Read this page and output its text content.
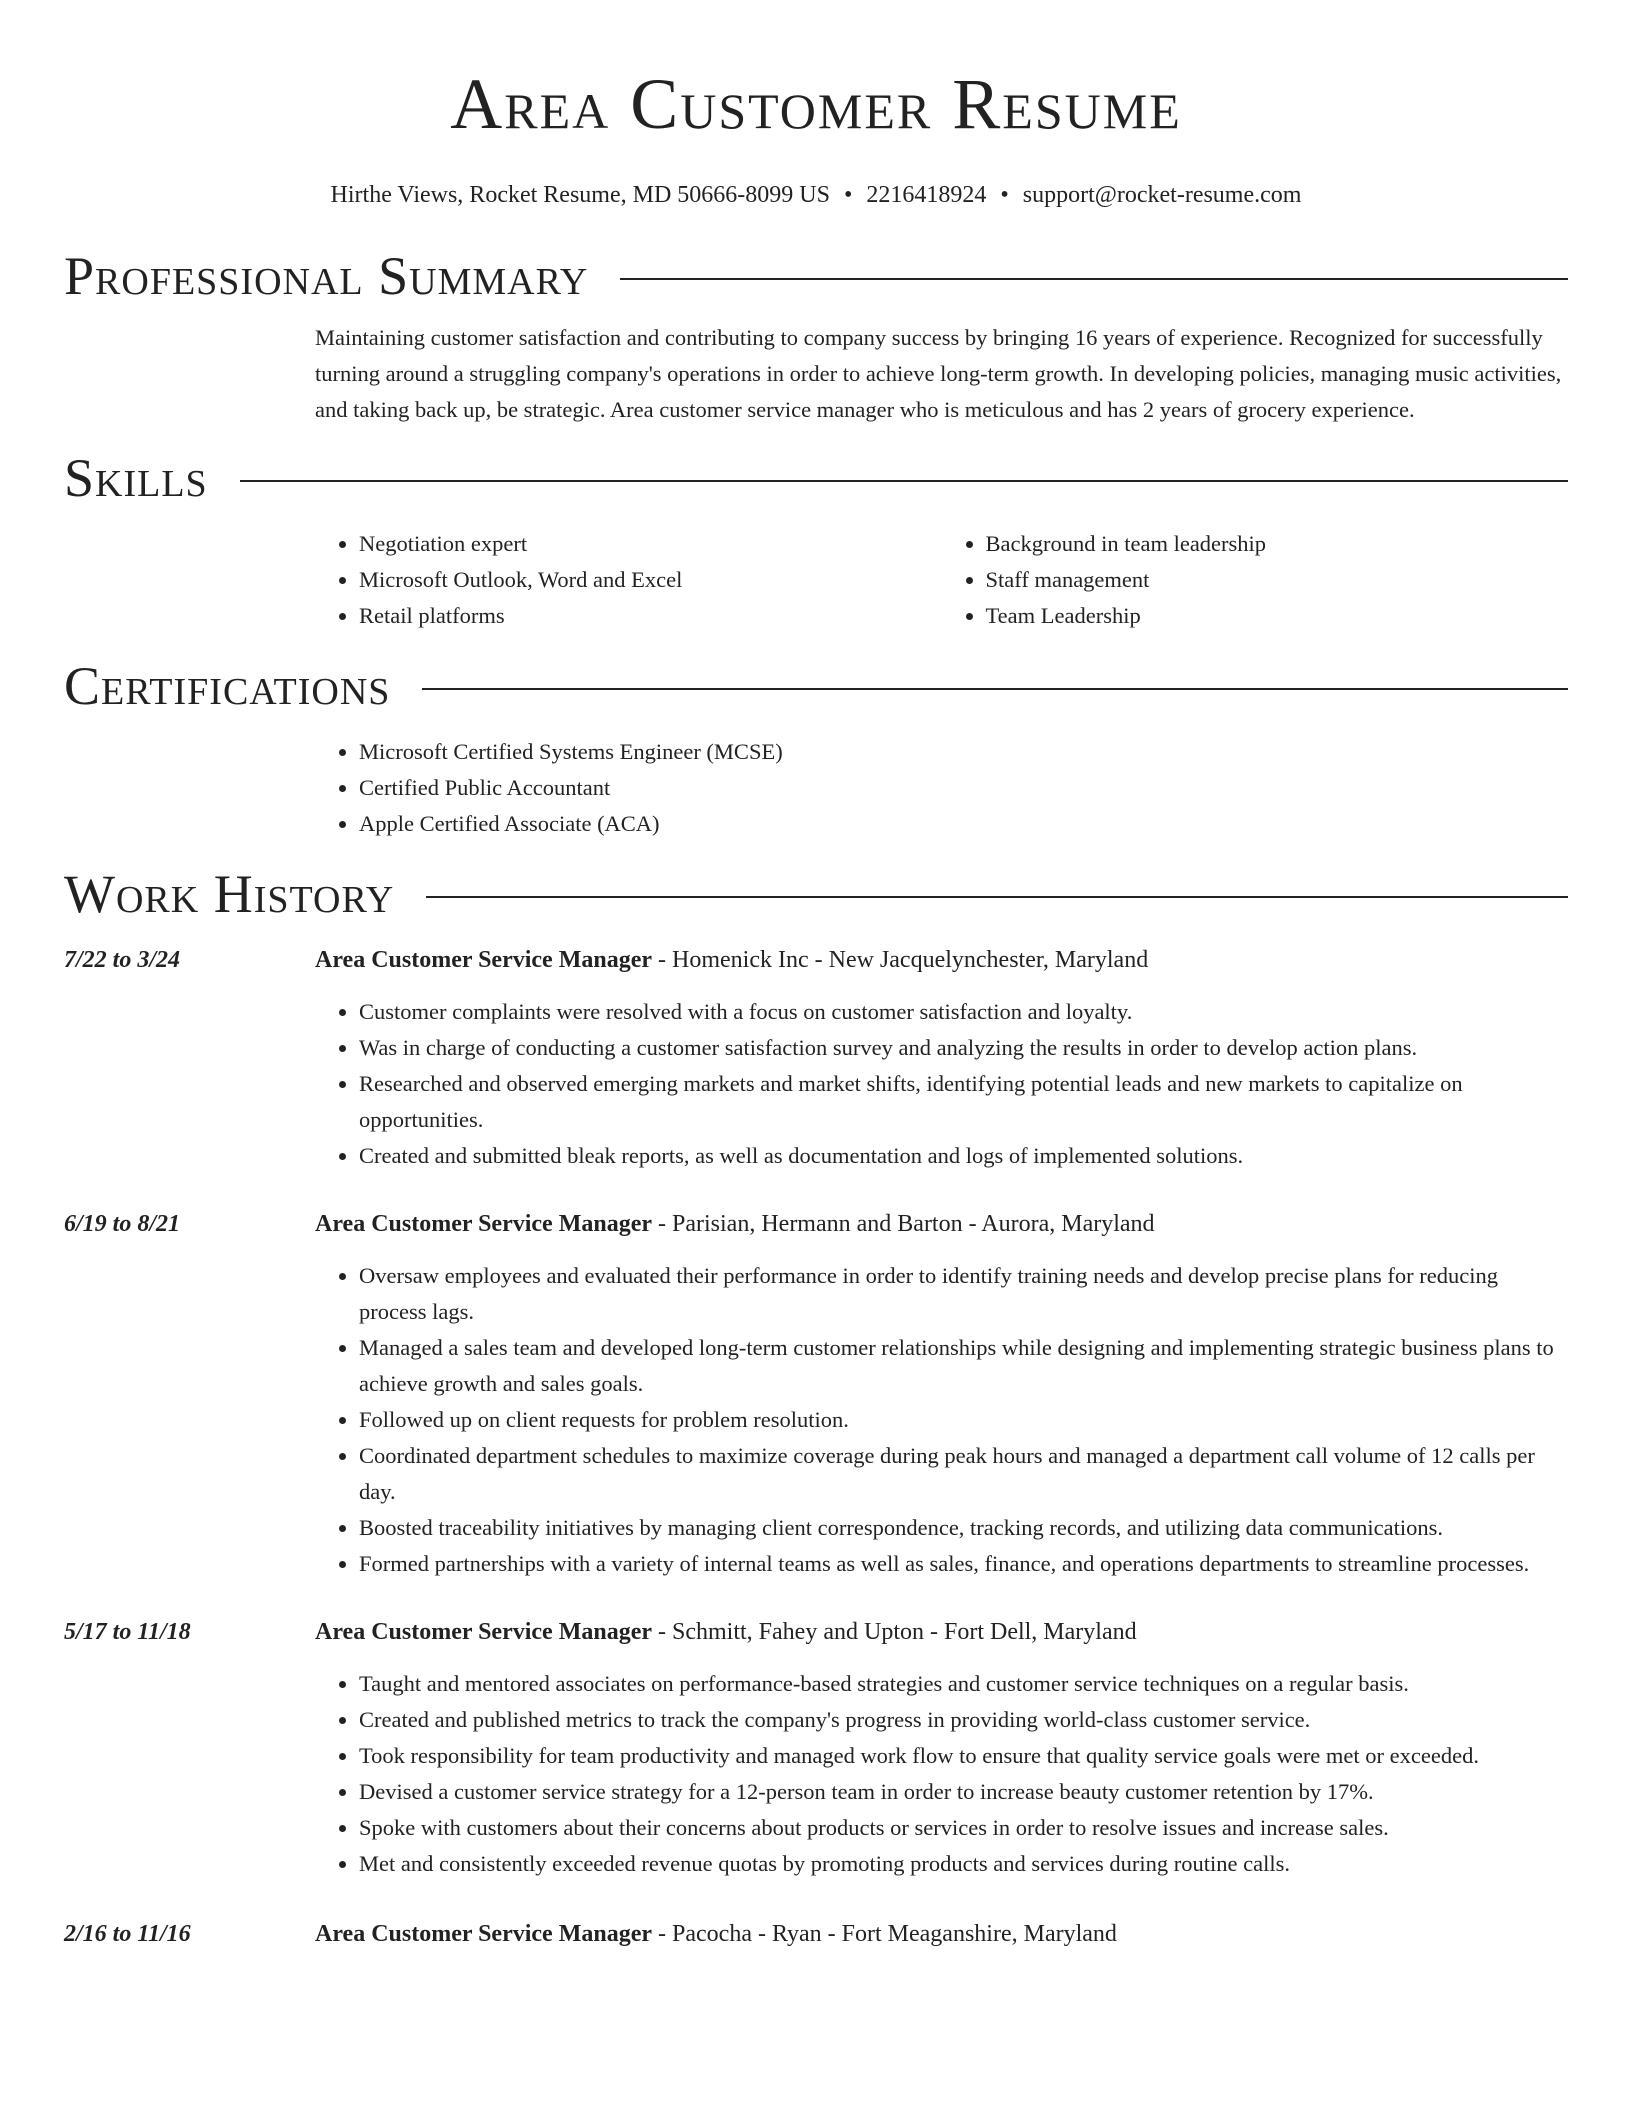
Area Customer Resume
Hirthe Views, Rocket Resume, MD 50666-8099 US • 2216418924 • support@rocket-resume.com
Professional Summary
Maintaining customer satisfaction and contributing to company success by bringing 16 years of experience. Recognized for successfully turning around a struggling company's operations in order to achieve long-term growth. In developing policies, managing music activities, and taking back up, be strategic. Area customer service manager who is meticulous and has 2 years of grocery experience.
Skills
• Negotiation expert
• Microsoft Outlook, Word and Excel
• Retail platforms
• Background in team leadership
• Staff management
• Team Leadership
Certifications
• Microsoft Certified Systems Engineer (MCSE)
• Certified Public Accountant
• Apple Certified Associate (ACA)
Work History
7/22 to 3/24	Area Customer Service Manager - Homenick Inc - New Jacquelynchester, Maryland
• Customer complaints were resolved with a focus on customer satisfaction and loyalty.
• Was in charge of conducting a customer satisfaction survey and analyzing the results in order to develop action plans.
• Researched and observed emerging markets and market shifts, identifying potential leads and new markets to capitalize on opportunities.
• Created and submitted bleak reports, as well as documentation and logs of implemented solutions.
6/19 to 8/21	Area Customer Service Manager - Parisian, Hermann and Barton - Aurora, Maryland
• Oversaw employees and evaluated their performance in order to identify training needs and develop precise plans for reducing process lags.
• Managed a sales team and developed long-term customer relationships while designing and implementing strategic business plans to achieve growth and sales goals.
• Followed up on client requests for problem resolution.
• Coordinated department schedules to maximize coverage during peak hours and managed a department call volume of 12 calls per day.
• Boosted traceability initiatives by managing client correspondence, tracking records, and utilizing data communications.
• Formed partnerships with a variety of internal teams as well as sales, finance, and operations departments to streamline processes.
5/17 to 11/18	Area Customer Service Manager - Schmitt, Fahey and Upton - Fort Dell, Maryland
• Taught and mentored associates on performance-based strategies and customer service techniques on a regular basis.
• Created and published metrics to track the company's progress in providing world-class customer service.
• Took responsibility for team productivity and managed work flow to ensure that quality service goals were met or exceeded.
• Devised a customer service strategy for a 12-person team in order to increase beauty customer retention by 17%.
• Spoke with customers about their concerns about products or services in order to resolve issues and increase sales.
• Met and consistently exceeded revenue quotas by promoting products and services during routine calls.
2/16 to 11/16	Area Customer Service Manager - Pacocha - Ryan - Fort Meaganshire, Maryland
